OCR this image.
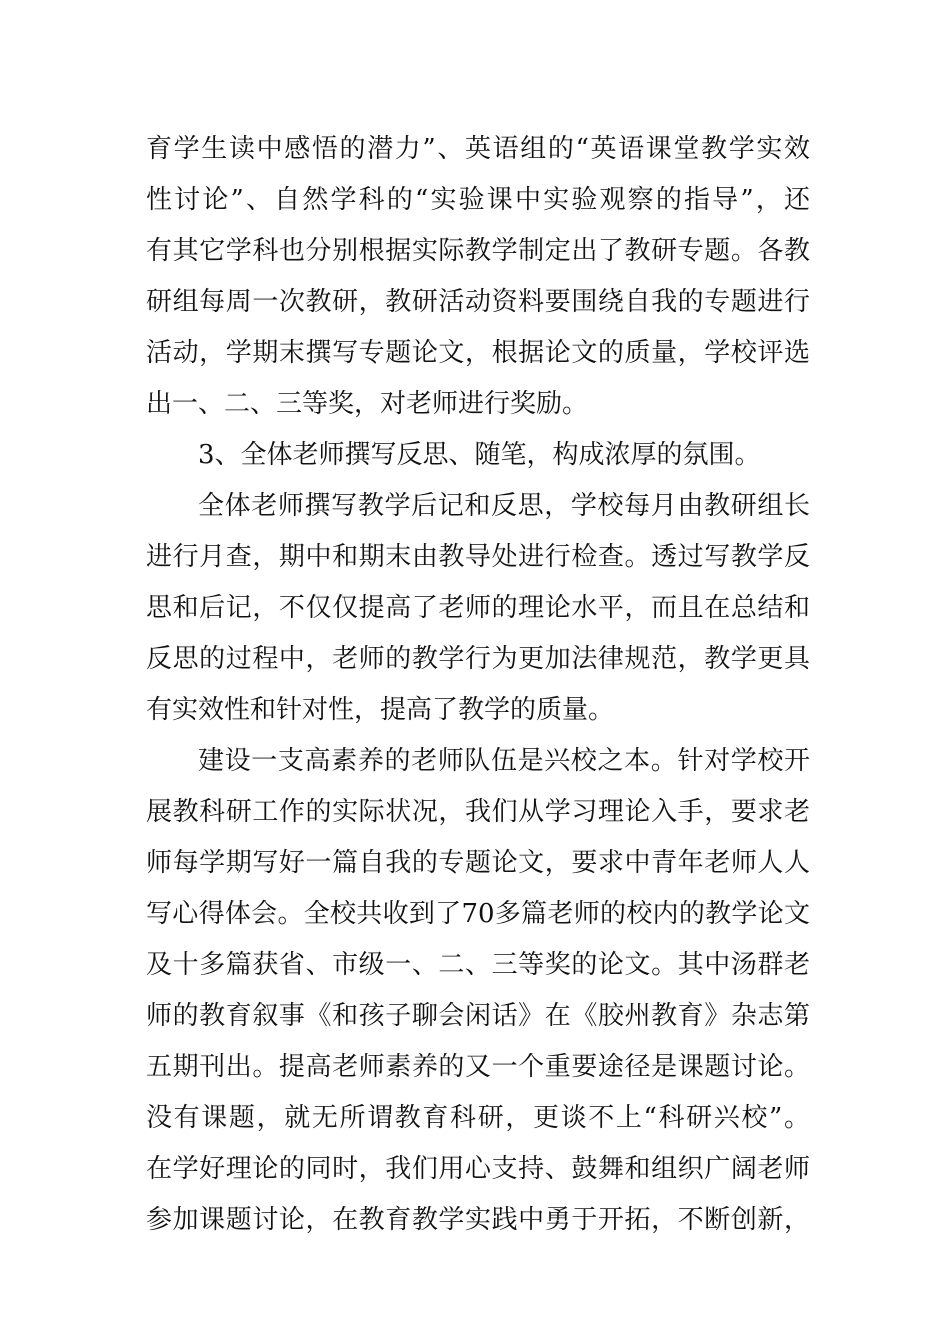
育学生读中感悟的潜力”、英语组的“英语课堂教学实效
性讨论”、自然学科的“实验课中实验观察的指导”，还
有其它学科也分别根据实际教学制定出了教研专题。各教
研组每周一次教研，教研活动资料要围绕自我的专题进行
活动，学期末撰写专题论文，根据论文的质量，学校评选
出一、二、三等奖，对老师进行奖励。
3、全体老师撰写反思、随笔，构成浓厚的氛围。
全体老师撰写教学后记和反思，学校每月由教研组长
进行月查，期中和期末由教导处进行检查。透过写教学反
思和后记，不仅仅提高了老师的理论水平，而且在总结和
反思的过程中，老师的教学行为更加法律规范，教学更具
有实效性和针对性，提高了教学的质量。
建设一支高素养的老师队伍是兴校之本。针对学校开
展教科研工作的实际状况，我们从学习理论入手，要求老
师每学期写好一篇自我的专题论文，要求中青年老师人人
写心得体会。全校共收到了70多篇老师的校内的教学论文
及十多篇获省、市级一、二、三等奖的论文。其中汤群老
师的教育叙事《和孩子聊会闲话》在《胶州教育》杂志第
五期刊出。提高老师素养的又一个重要途径是课题讨论。
没有课题，就无所谓教育科研，更谈不上“科研兴校”。
在学好理论的同时，我们用心支持、鼓舞和组织广阔老师
参加课题讨论，在教育教学实践中勇于开拓，不断创新，
